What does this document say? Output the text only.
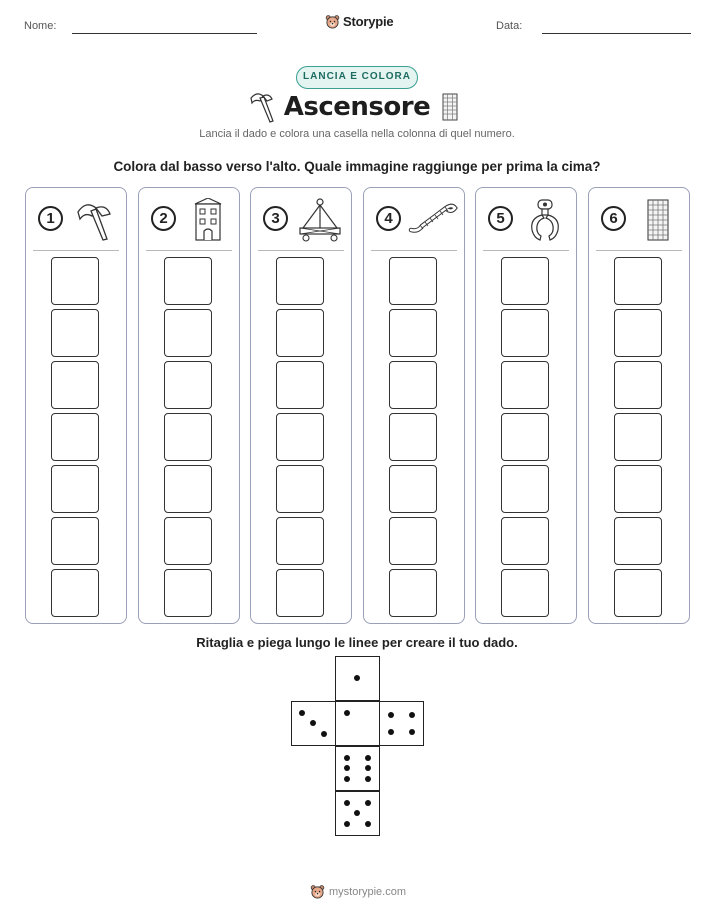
Nome:	Storypie	Data:
LANCIA E COLORA
Ascensore
Lancia il dado e colora una casella nella colonna di quel numero.
Colora dal basso verso l'alto. Quale immagine raggiunge per prima la cima?
1	2	3	4	5	6
Ritaglia e piega lungo le linee per creare il tuo dado.
mystorypie.com
